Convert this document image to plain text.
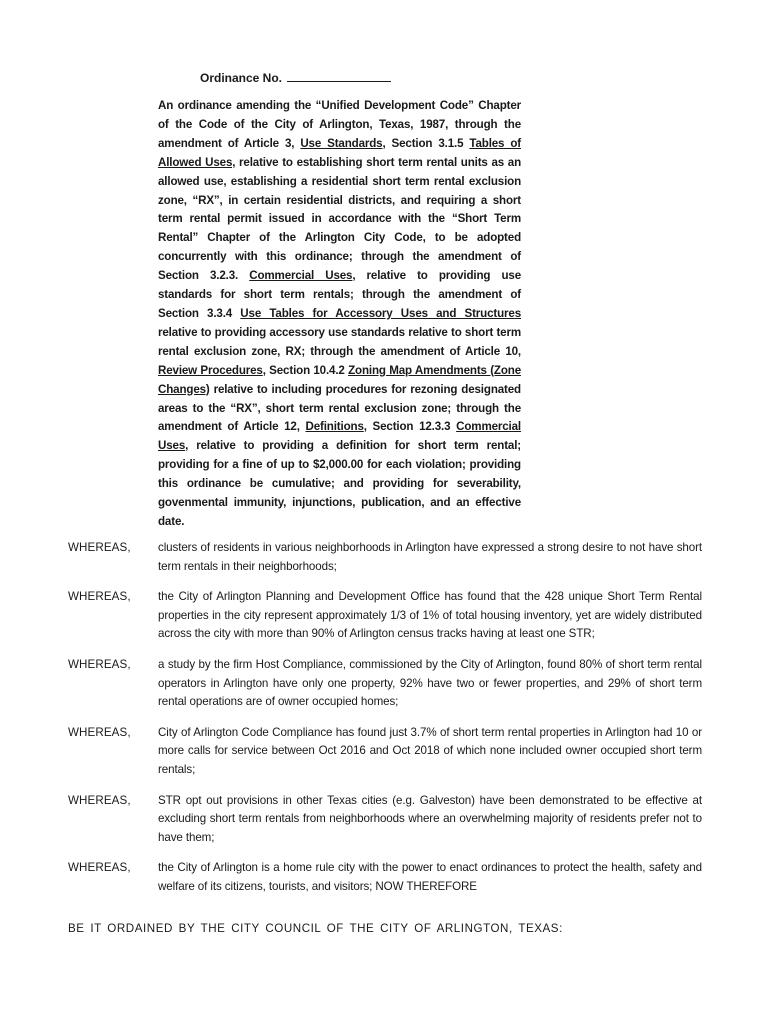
Ordinance No.
An ordinance amending the “Unified Development Code” Chapter of the Code of the City of Arlington, Texas, 1987, through the amendment of Article 3, Use Standards, Section 3.1.5 Tables of Allowed Uses, relative to establishing short term rental units as an allowed use, establishing a residential short term rental exclusion zone, “RX”, in certain residential districts, and requiring a short term rental permit issued in accordance with the “Short Term Rental” Chapter of the Arlington City Code, to be adopted concurrently with this ordinance; through the amendment of Section 3.2.3. Commercial Uses, relative to providing use standards for short term rentals; through the amendment of Section 3.3.4 Use Tables for Accessory Uses and Structures relative to providing accessory use standards relative to short term rental exclusion zone, RX; through the amendment of Article 10, Review Procedures, Section 10.4.2 Zoning Map Amendments (Zone Changes) relative to including procedures for rezoning designated areas to the “RX”, short term rental exclusion zone; through the amendment of Article 12, Definitions, Section 12.3.3 Commercial Uses, relative to providing a definition for short term rental; providing for a fine of up to $2,000.00 for each violation; providing this ordinance be cumulative; and providing for severability, govenmental immunity, injunctions, publication, and an effective date.
WHEREAS, clusters of residents in various neighborhoods in Arlington have expressed a strong desire to not have short term rentals in their neighborhoods;
WHEREAS, the City of Arlington Planning and Development Office has found that the 428 unique Short Term Rental properties in the city represent approximately 1/3 of 1% of total housing inventory, yet are widely distributed across the city with more than 90% of Arlington census tracks having at least one STR;
WHEREAS, a study by the firm Host Compliance, commissioned by the City of Arlington, found 80% of short term rental operators in Arlington have only one property, 92% have two or fewer properties, and 29% of short term rental operations are of owner occupied homes;
WHEREAS, City of Arlington Code Compliance has found just 3.7% of short term rental properties in Arlington had 10 or more calls for service between Oct 2016 and Oct 2018 of which none included owner occupied short term rentals;
WHEREAS, STR opt out provisions in other Texas cities (e.g. Galveston) have been demonstrated to be effective at excluding short term rentals from neighborhoods where an overwhelming majority of residents prefer not to have them;
WHEREAS, the City of Arlington is a home rule city with the power to enact ordinances to protect the health, safety and welfare of its citizens, tourists, and visitors; NOW THEREFORE
BE IT ORDAINED BY THE CITY COUNCIL OF THE CITY OF ARLINGTON, TEXAS:
